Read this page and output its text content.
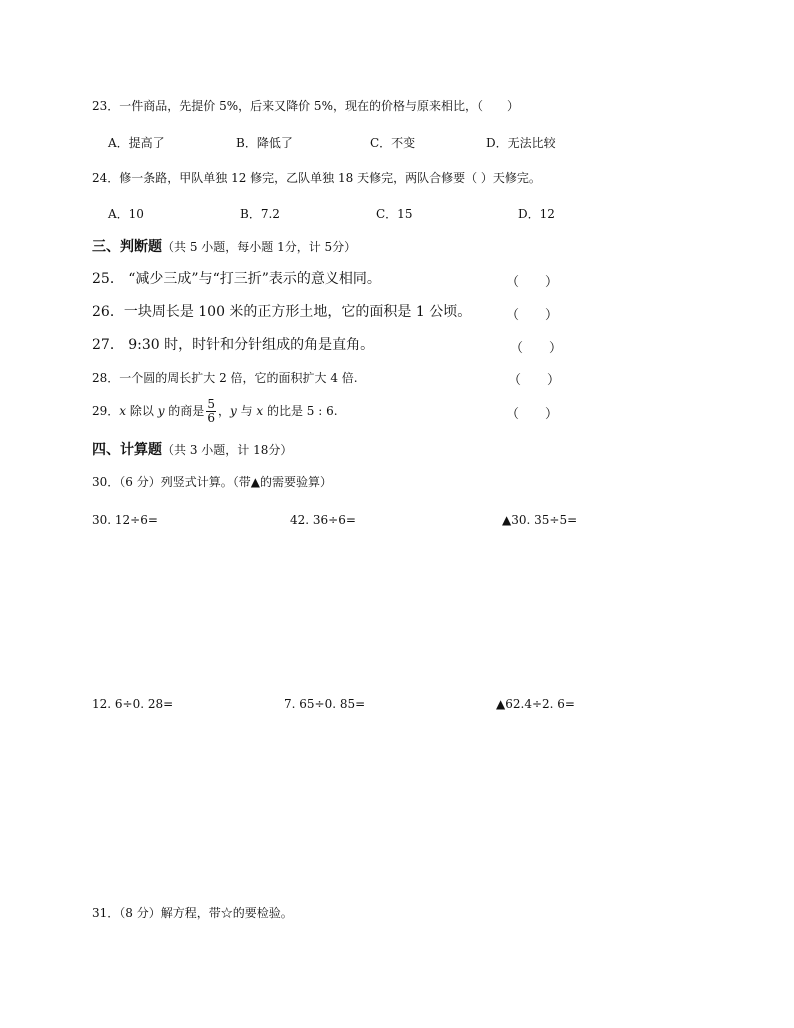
23．一件商品，先提价 5%，后来又降价 5%，现在的价格与原来相比，（　　）
A．提高了	B．降低了	C．不变	D．无法比较
24．修一条路，甲队单独 12 修完，乙队单独 18 天修完，两队合修要（ ）天修完。
A．10	B．7.2	C．15	D．12
三、判断题（共 5 小题，每小题 1分，计 5分）
25． “减少三成”与“打三折”表示的意义相同。	（　　）
26．一块周长是 100 米的正方形土地，它的面积是 1 公顷。	（　　）
27． 9:30 时，时针和分针组成的角是直角。	（　　）
28．一个圆的周长扩大 2 倍，它的面积扩大 4 倍.	（　　）
29．x 除以 y 的商是 $\frac{5}{6}$ ，y 与 x 的比是 5 : 6.	（　　）
四、计算题（共 3 小题，计 18分）
30．（6 分）列竖式计算。（带▲的需要验算）
30. 12÷6=	42. 36÷6=	▲30. 35÷5=
12. 6÷0. 28=	7. 65÷0. 85=	▲62.4÷2. 6=
31．（8 分）解方程，带☆的要检验。
